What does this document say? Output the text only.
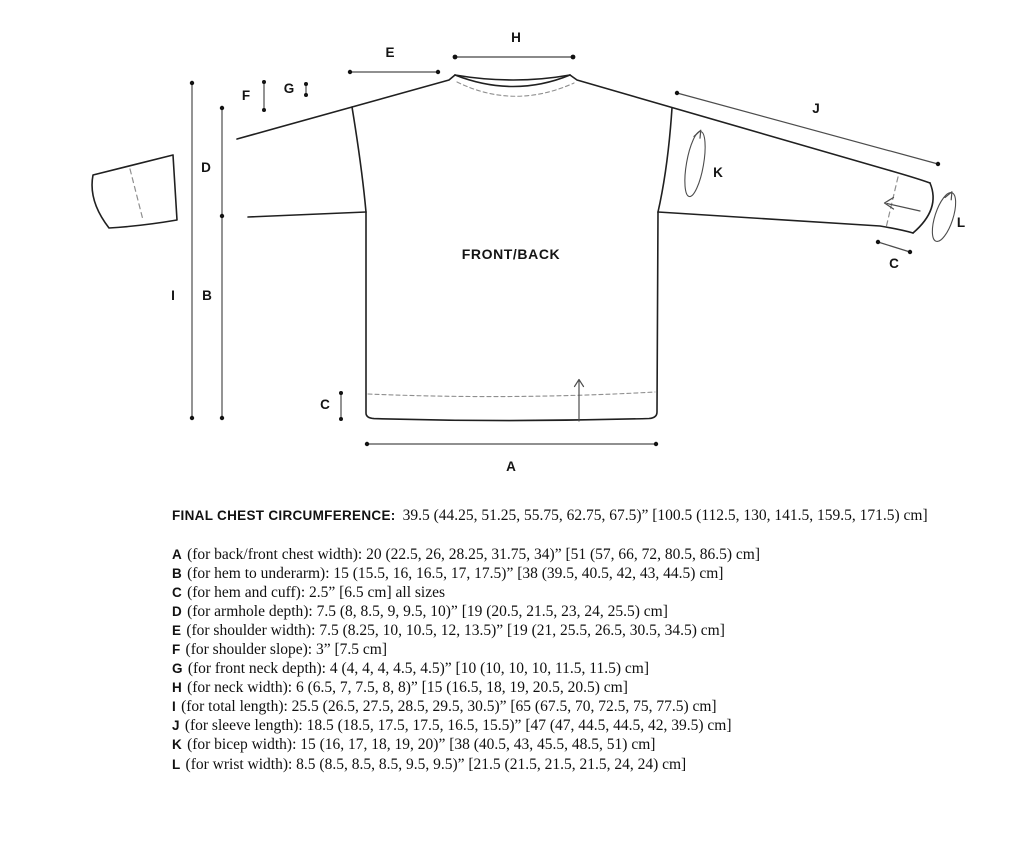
E
H
F G
D
I B
J
K
L
C
C
A
FRONT/BACK
FINAL CHEST CIRCUMFERENCE: 39.5 (44.25, 51.25, 55.75, 62.75, 67.5)” [100.5 (112.5, 130, 141.5, 159.5, 171.5) cm]
A (for back/front chest width): 20 (22.5, 26, 28.25, 31.75, 34)” [51 (57, 66, 72, 80.5, 86.5) cm]
B (for hem to underarm): 15 (15.5, 16, 16.5, 17, 17.5)” [38 (39.5, 40.5, 42, 43, 44.5) cm]
C (for hem and cuff): 2.5” [6.5 cm] all sizes
D (for armhole depth): 7.5 (8, 8.5, 9, 9.5, 10)” [19 (20.5, 21.5, 23, 24, 25.5) cm]
E (for shoulder width): 7.5 (8.25, 10, 10.5, 12, 13.5)” [19 (21, 25.5, 26.5, 30.5, 34.5) cm]
F (for shoulder slope): 3” [7.5 cm]
G (for front neck depth): 4 (4, 4, 4, 4.5, 4.5)” [10 (10, 10, 10, 11.5, 11.5) cm]
H (for neck width): 6 (6.5, 7, 7.5, 8, 8)” [15 (16.5, 18, 19, 20.5, 20.5) cm]
I (for total length): 25.5 (26.5, 27.5, 28.5, 29.5, 30.5)” [65 (67.5, 70, 72.5, 75, 77.5) cm]
J (for sleeve length): 18.5 (18.5, 17.5, 17.5, 16.5, 15.5)” [47 (47, 44.5, 44.5, 42, 39.5) cm]
K (for bicep width): 15 (16, 17, 18, 19, 20)” [38 (40.5, 43, 45.5, 48.5, 51) cm]
L (for wrist width): 8.5 (8.5, 8.5, 8.5, 9.5, 9.5)” [21.5 (21.5, 21.5, 21.5, 24, 24) cm]
